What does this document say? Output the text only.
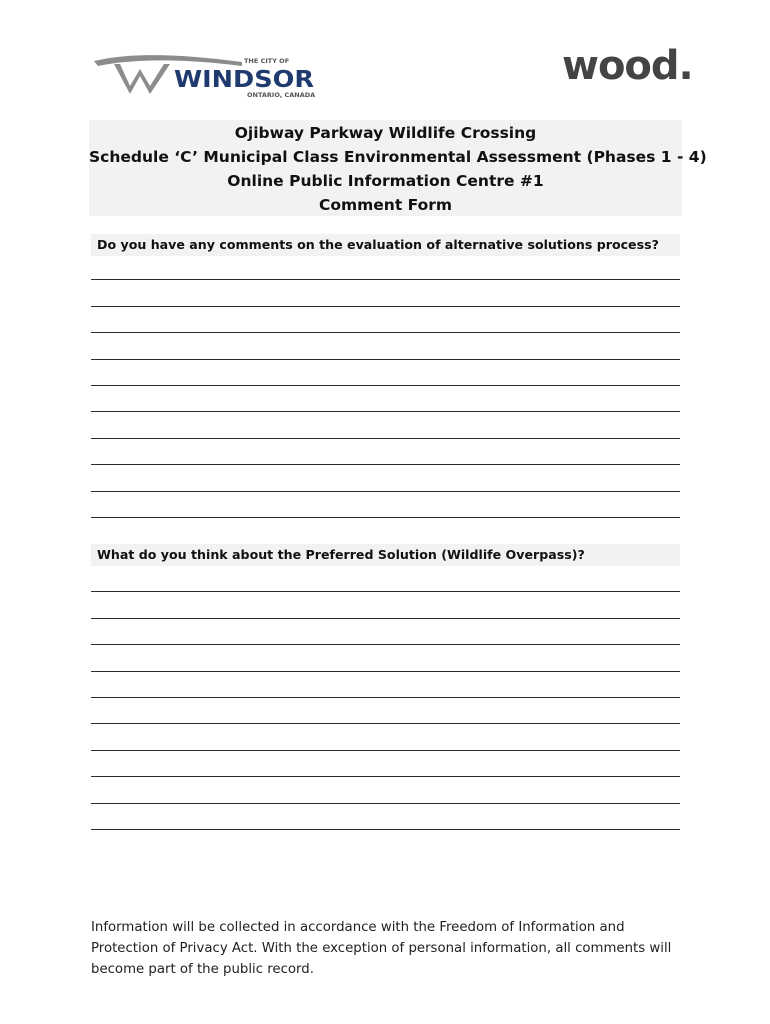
THE CITY OF
WINDSOR
ONTARIO, CANADA
wood.
Ojibway Parkway Wildlife Crossing
Schedule ‘C’ Municipal Class Environmental Assessment (Phases 1 - 4)
Online Public Information Centre #1
Comment Form
Do you have any comments on the evaluation of alternative solutions process?
What do you think about the Preferred Solution (Wildlife Overpass)?
Information will be collected in accordance with the Freedom of Information and Protection of Privacy Act. With the exception of personal information, all comments will become part of the public record.
